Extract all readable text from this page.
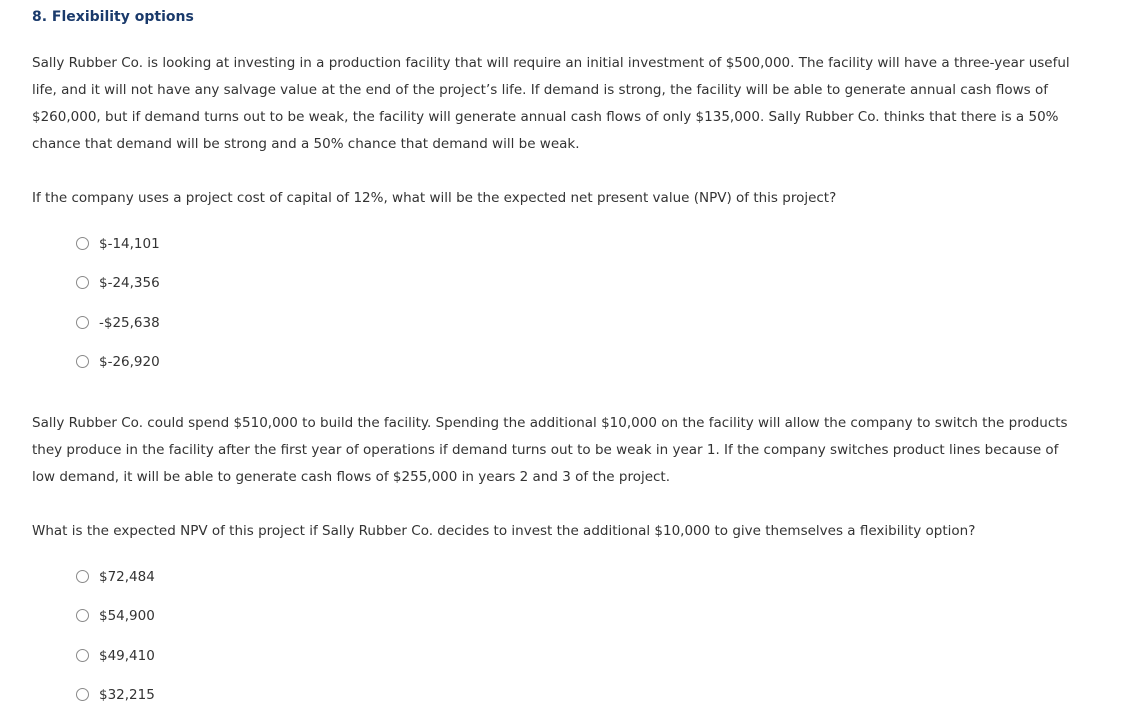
8. Flexibility options

Sally Rubber Co. is looking at investing in a production facility that will require an initial investment of $500,000. The facility will have a three-year useful life, and it will not have any salvage value at the end of the project’s life. If demand is strong, the facility will be able to generate annual cash flows of $260,000, but if demand turns out to be weak, the facility will generate annual cash flows of only $135,000. Sally Rubber Co. thinks that there is a 50% chance that demand will be strong and a 50% chance that demand will be weak.

If the company uses a project cost of capital of 12%, what will be the expected net present value (NPV) of this project?

$-14,101
$-24,356
-$25,638
$-26,920

Sally Rubber Co. could spend $510,000 to build the facility. Spending the additional $10,000 on the facility will allow the company to switch the products they produce in the facility after the first year of operations if demand turns out to be weak in year 1. If the company switches product lines because of low demand, it will be able to generate cash flows of $255,000 in years 2 and 3 of the project.

What is the expected NPV of this project if Sally Rubber Co. decides to invest the additional $10,000 to give themselves a flexibility option?

$72,484
$54,900
$49,410
$32,215
